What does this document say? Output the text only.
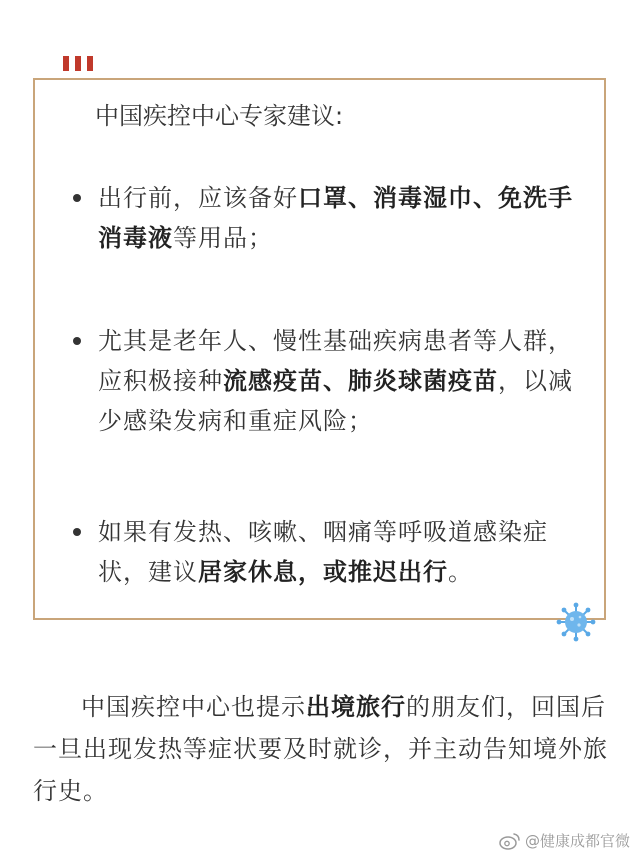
中国疾控中心专家建议:
出行前，应该备好口罩、消毒湿巾、免洗手消毒液等用品；
尤其是老年人、慢性基础疾病患者等人群，应积极接种流感疫苗、肺炎球菌疫苗，以减少感染发病和重症风险；
如果有发热、咳嗽、咽痛等呼吸道感染症状，建议居家休息，或推迟出行。
中国疾控中心也提示出境旅行的朋友们，回国后一旦出现发热等症状要及时就诊，并主动告知境外旅行史。
@健康成都官微
